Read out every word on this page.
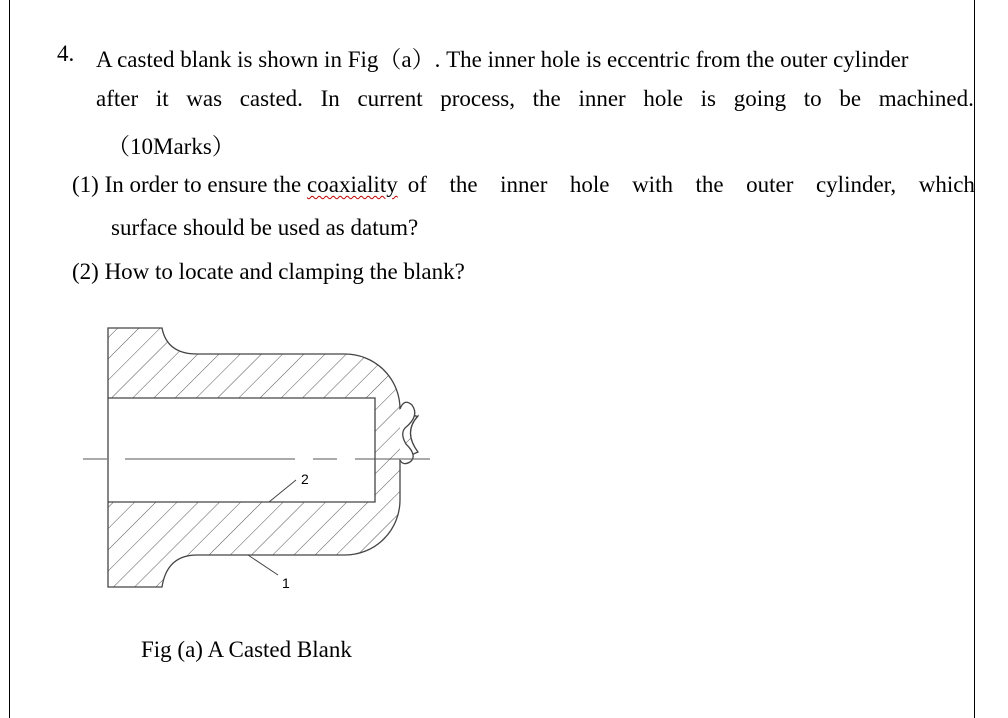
4. A casted blank is shown in Fig（a）. The inner hole is eccentric from the outer cylinder
after it was casted. In current process, the inner hole is going to be machined.
（10Marks）
(1) In order to ensure the coaxiality of the inner hole with the outer cylinder, which
surface should be used as datum?
(2) How to locate and clamping the blank?
2
1
Fig (a) A Casted Blank
